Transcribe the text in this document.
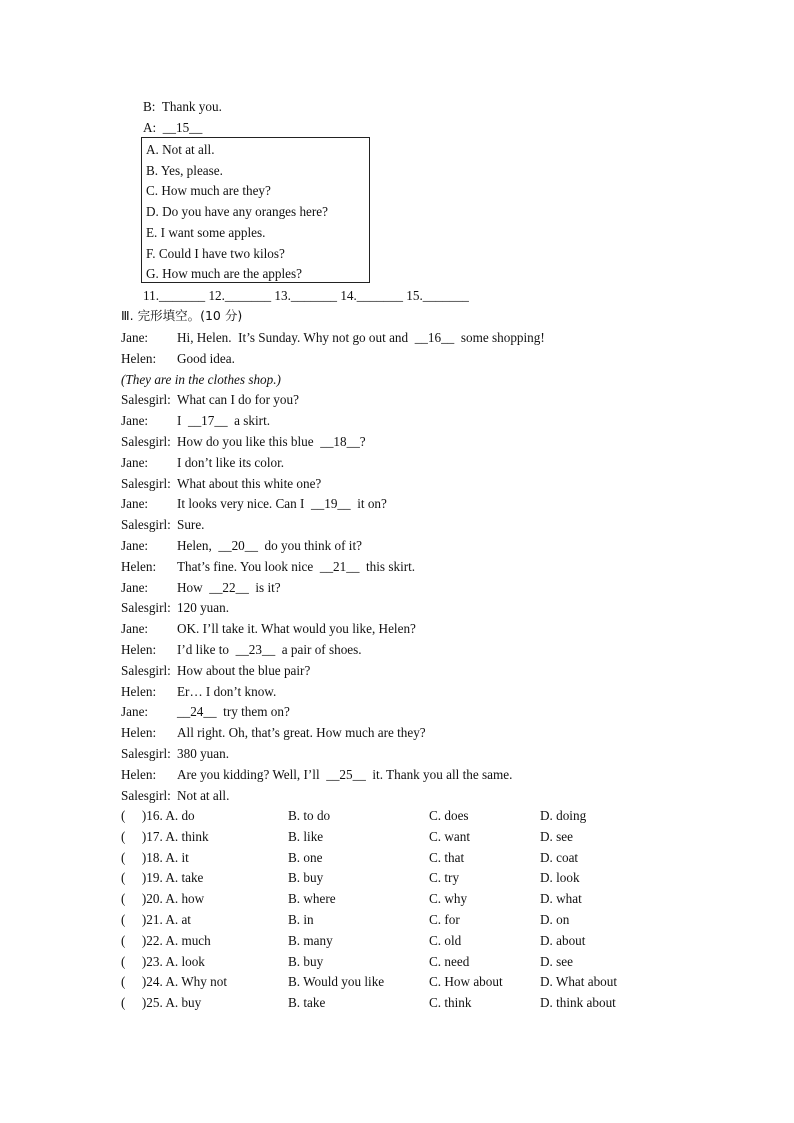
B:  Thank you.
A:  __15__
A. Not at all.
B. Yes, please.
C. How much are they?
D. Do you have any oranges here?
E. I want some apples.
F. Could I have two kilos?
G. How much are the apples?
11._______ 12._______ 13._______ 14._______ 15._______
Ⅲ. 完形填空。(10 分)
Jane: Hi, Helen.  It’s Sunday. Why not go out and  __16__  some shopping!
Helen: Good idea.
(They are in the clothes shop.)
Salesgirl: What can I do for you?
Jane: I  __17__  a skirt.
Salesgirl: How do you like this blue  __18__?
Jane: I don’t like its color.
Salesgirl: What about this white one?
Jane: It looks very nice. Can I  __19__  it on?
Salesgirl: Sure.
Jane: Helen,  __20__  do you think of it?
Helen: That’s fine. You look nice  __21__  this skirt.
Jane: How  __22__  is it?
Salesgirl: 120 yuan.
Jane: OK. I’ll take it. What would you like, Helen?
Helen: I’d like to  __23__  a pair of shoes.
Salesgirl: How about the blue pair?
Helen: Er… I don’t know.
Jane: __24__  try them on?
Helen: All right. Oh, that’s great. How much are they?
Salesgirl: 380 yuan.
Helen: Are you kidding? Well, I’ll  __25__  it. Thank you all the same.
Salesgirl: Not at all.
(     )16. A. do	B. to do	C. does	D. doing
(     )17. A. think	B. like	C. want	D. see
(     )18. A. it	B. one	C. that	D. coat
(     )19. A. take	B. buy	C. try	D. look
(     )20. A. how	B. where	C. why	D. what
(     )21. A. at	B. in	C. for	D. on
(     )22. A. much	B. many	C. old	D. about
(     )23. A. look	B. buy	C. need	D. see
(     )24. A. Why not	B. Would you like	C. How about	D. What about
(     )25. A. buy	B. take	C. think	D. think about
